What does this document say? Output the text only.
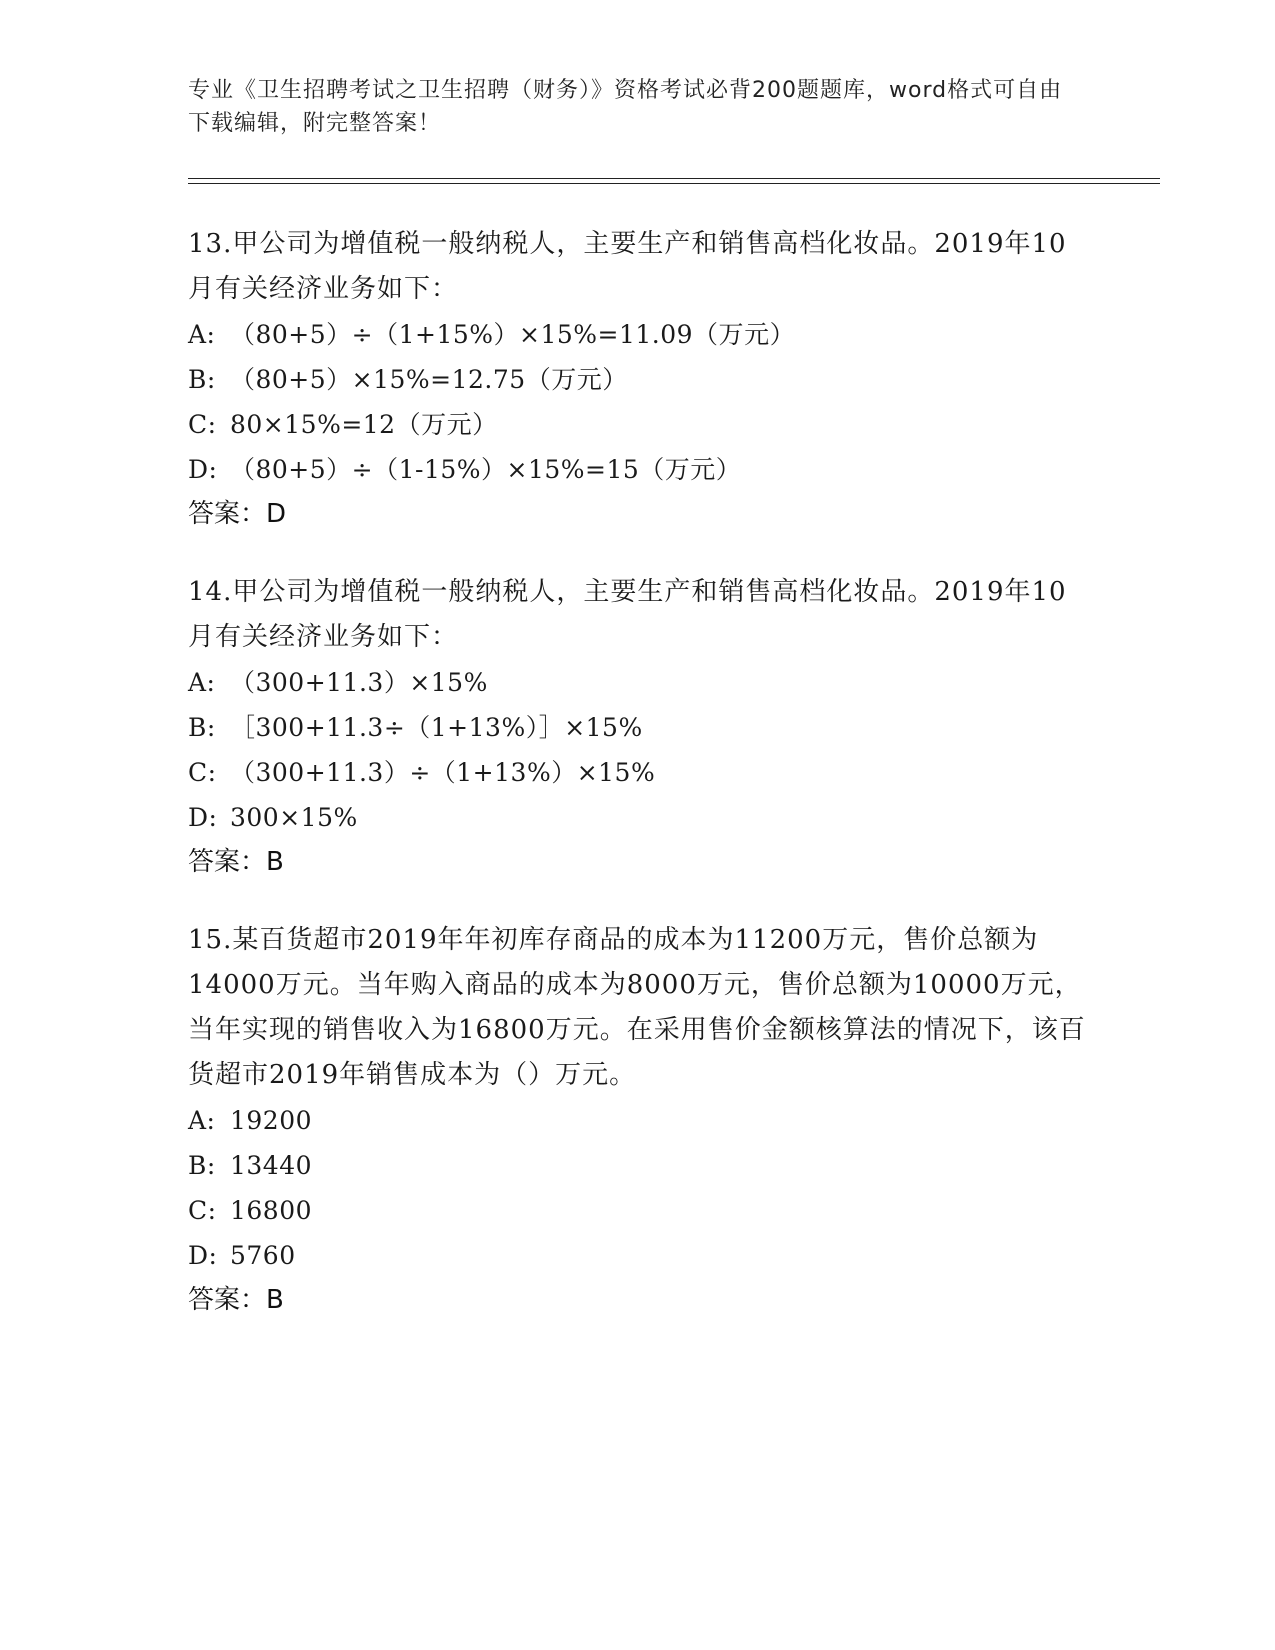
专业《卫生招聘考试之卫生招聘（财务）》资格考试必背200题题库，word格式可自由下载编辑，附完整答案！

13.甲公司为增值税一般纳税人，主要生产和销售高档化妆品。2019年10月有关经济业务如下：

A: （80+5）÷（1+15%）×15%=11.09（万元）
B: （80+5）×15%=12.75（万元）
C: 80×15%=12（万元）
D: （80+5）÷（1-15%）×15%=15（万元）
答案：D

14.甲公司为增值税一般纳税人，主要生产和销售高档化妆品。2019年10月有关经济业务如下：

A: （300+11.3）×15%
B: ［300+11.3÷（1+13%）］×15%
C: （300+11.3）÷（1+13%）×15%
D: 300×15%
答案：B

15.某百货超市2019年年初库存商品的成本为11200万元，售价总额为14000万元。当年购入商品的成本为8000万元，售价总额为10000万元，当年实现的销售收入为16800万元。在采用售价金额核算法的情况下，该百货超市2019年销售成本为（）万元。

A: 19200
B: 13440
C: 16800
D: 5760
答案：B
